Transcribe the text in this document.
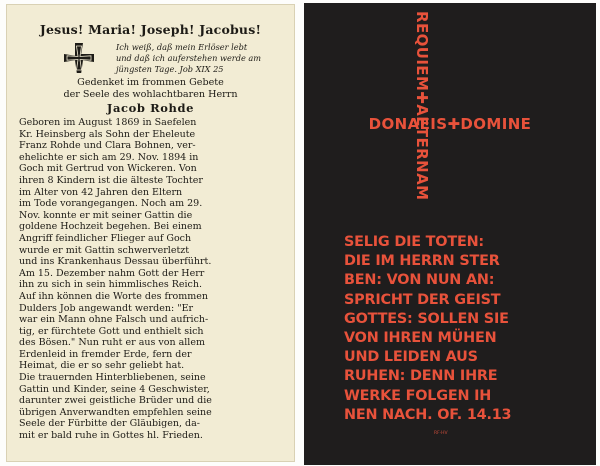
Jesus! Maria! Joseph! Jacobus!
Ich weiß, daß mein Erlöser lebt
und daß ich auferstehen werde am
jüngsten Tage. Job XIX 25
Gedenket im frommen Gebete
der Seele des wohlachtbaren Herrn
Jacob Rohde
Geboren im August 1869 in Saefelen
Kr. Heinsberg als Sohn der Eheleute
Franz Rohde und Clara Bohnen, ver-
ehelichte er sich am 29. Nov. 1894 in
Goch mit Gertrud von Wickeren. Von
ihren 8 Kindern ist die älteste Tochter
im Alter von 42 Jahren den Eltern
im Tode vorangegangen. Noch am 29.
Nov. konnte er mit seiner Gattin die
goldene Hochzeit begehen. Bei einem
Angriff feindlicher Flieger auf Goch
wurde er mit Gattin schwerverletzt
und ins Krankenhaus Dessau überführt.
Am 15. Dezember nahm Gott der Herr
ihn zu sich in sein himmlisches Reich.
Auf ihn können die Worte des frommen
Dulders Job angewandt werden: "Er
war ein Mann ohne Falsch und aufrich-
tig, er fürchtete Gott und enthielt sich
des Bösen." Nun ruht er aus von allem
Erdenleid in fremder Erde, fern der
Heimat, die er so sehr geliebt hat.
Die trauernden Hinterbliebenen, seine
Gattin und Kinder, seine 4 Geschwister,
darunter zwei geistliche Brüder und die
übrigen Anverwandten empfehlen seine
Seele der Fürbitte der Gläubigen, da-
mit er bald ruhe in Gottes hl. Frieden.
REQUIEM✚AETERNAM
DONAEIS✚DOMINE
SELIG DIE TOTEN:
DIE IM HERRN STER
BEN: VON NUN AN:
SPRICHT DER GEIST
GOTTES: SOLLEN SIE
VON IHREN MÜHEN
UND LEIDEN AUS
RUHEN: DENN IHRE
WERKE FOLGEN IH
NEN NACH. OF. 14.13
RF·HV
